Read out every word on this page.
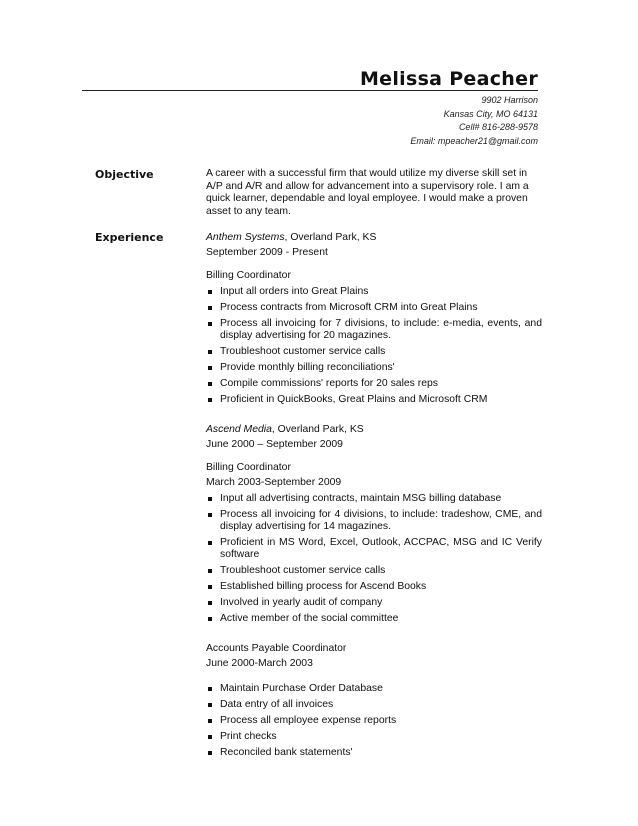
Melissa Peacher
9902 Harrison
Kansas City, MO 64131
Cell# 816-288-9578
Email: mpeacher21@gmail.com
Objective	A career with a successful firm that would utilize my diverse skill set in A/P and A/R and allow for advancement into a supervisory role. I am a quick learner, dependable and loyal employee. I would make a proven asset to any team.
Experience	Anthem Systems, Overland Park, KS
September 2009 - Present
Billing Coordinator
Input all orders into Great Plains
Process contracts from Microsoft CRM into Great Plains
Process all invoicing for 7 divisions, to include: e-media, events, and display advertising for 20 magazines.
Troubleshoot customer service calls
Provide monthly billing reconciliations'
Compile commissions' reports for 20 sales reps
Proficient in QuickBooks, Great Plains and Microsoft CRM
Ascend Media, Overland Park, KS
June 2000 – September 2009
Billing Coordinator
March 2003-September 2009
Input all advertising contracts, maintain MSG billing database
Process all invoicing for 4 divisions, to include: tradeshow, CME, and display advertising for 14 magazines.
Proficient in MS Word, Excel, Outlook, ACCPAC, MSG and IC Verify software
Troubleshoot customer service calls
Established billing process for Ascend Books
Involved in yearly audit of company
Active member of the social committee
Accounts Payable Coordinator
June 2000-March 2003
Maintain Purchase Order Database
Data entry of all invoices
Process all employee expense reports
Print checks
Reconciled bank statements'
